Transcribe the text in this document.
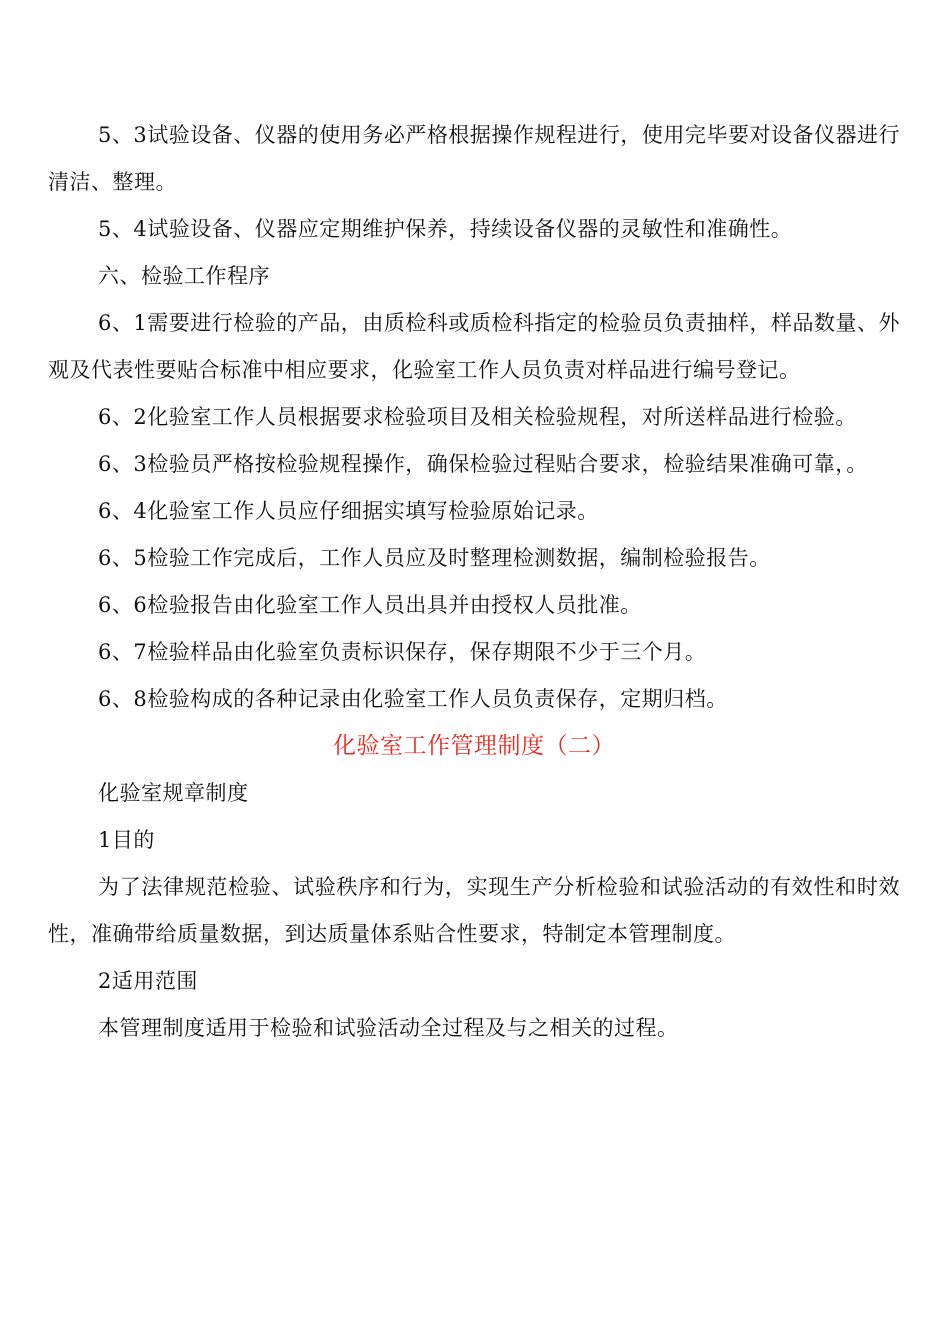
5、3试验设备、仪器的使用务必严格根据操作规程进行，使用完毕要对设备仪器进行清洁、整理。

5、4试验设备、仪器应定期维护保养，持续设备仪器的灵敏性和准确性。

六、检验工作程序

6、1需要进行检验的产品，由质检科或质检科指定的检验员负责抽样，样品数量、外观及代表性要贴合标准中相应要求，化验室工作人员负责对样品进行编号登记。

6、2化验室工作人员根据要求检验项目及相关检验规程，对所送样品进行检验。

6、3检验员严格按检验规程操作，确保检验过程贴合要求，检验结果准确可靠，。

6、4化验室工作人员应仔细据实填写检验原始记录。

6、5检验工作完成后，工作人员应及时整理检测数据，编制检验报告。

6、6检验报告由化验室工作人员出具并由授权人员批准。

6、7检验样品由化验室负责标识保存，保存期限不少于三个月。

6、8检验构成的各种记录由化验室工作人员负责保存，定期归档。

化验室工作管理制度（二）

化验室规章制度

1目的

为了法律规范检验、试验秩序和行为，实现生产分析检验和试验活动的有效性和时效性，准确带给质量数据，到达质量体系贴合性要求，特制定本管理制度。

2适用范围

本管理制度适用于检验和试验活动全过程及与之相关的过程。
